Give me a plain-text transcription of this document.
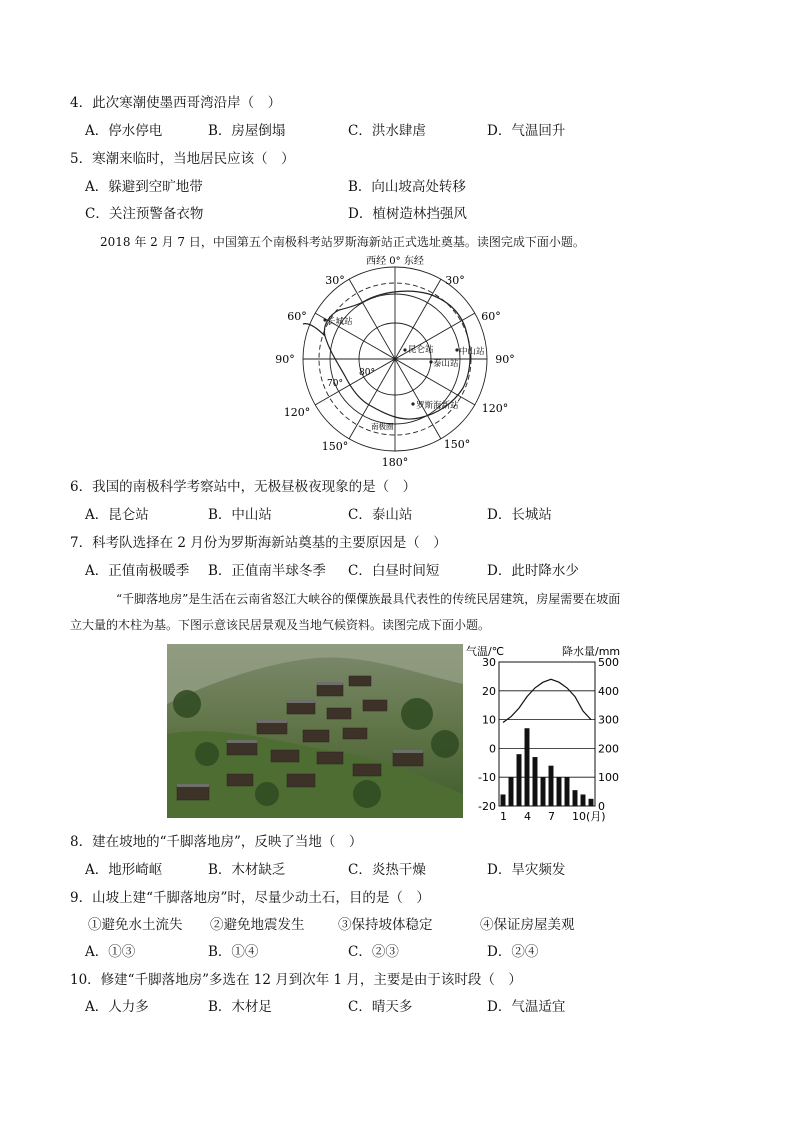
4．此次寒潮使墨西哥湾沿岸（　）
A．停水停电	B．房屋倒塌	C．洪水肆虐	D．气温回升
5．寒潮来临时，当地居民应该（　）
A．躲避到空旷地带	B．向山坡高处转移
C．关注预警备衣物	D．植树造林挡强风
2018 年 2 月 7 日，中国第五个南极科考站罗斯海新站正式选址奠基。读图完成下面小题。
西经 0° 东经
30°	30°
60°	60°
90°	90°
120°	120°
150°	150°
180°
70°
80°
长城站
昆仑站	中山站
泰山站
罗斯海新站
南极圈
6．我国的南极科学考察站中，无极昼极夜现象的是（　）
A．昆仑站	B．中山站	C．泰山站	D．长城站
7．科考队选择在 2 月份为罗斯海新站奠基的主要原因是（　）
A．正值南极暖季 B．正值南半球冬季 C．白昼时间短	D．此时降水少
“千脚落地房”是生活在云南省怒江大峡谷的傈僳族最具代表性的传统民居建筑，房屋需要在坡面
立大量的木柱为基。下图示意该民居景观及当地气候资料。读图完成下面小题。
气温/℃	降水量/mm
30
20
10
0
-10
-20
500
400
300
200
100
0
1 4 7 10(月)
8．建在坡地的“千脚落地房”，反映了当地（　）
A．地形崎岖	B．木材缺乏	C．炎热干燥	D．旱灾频发
9．山坡上建“千脚落地房”时，尽量少动土石，目的是（　）
①避免水土流失 ②避免地震发生 ③保持坡体稳定	④保证房屋美观
A．①③	B．①④	C．②③	D．②④
10．修建“千脚落地房”多选在 12 月到次年 1 月，主要是由于该时段（　）
A．人力多	B．木材足	C．晴天多	D．气温适宜
